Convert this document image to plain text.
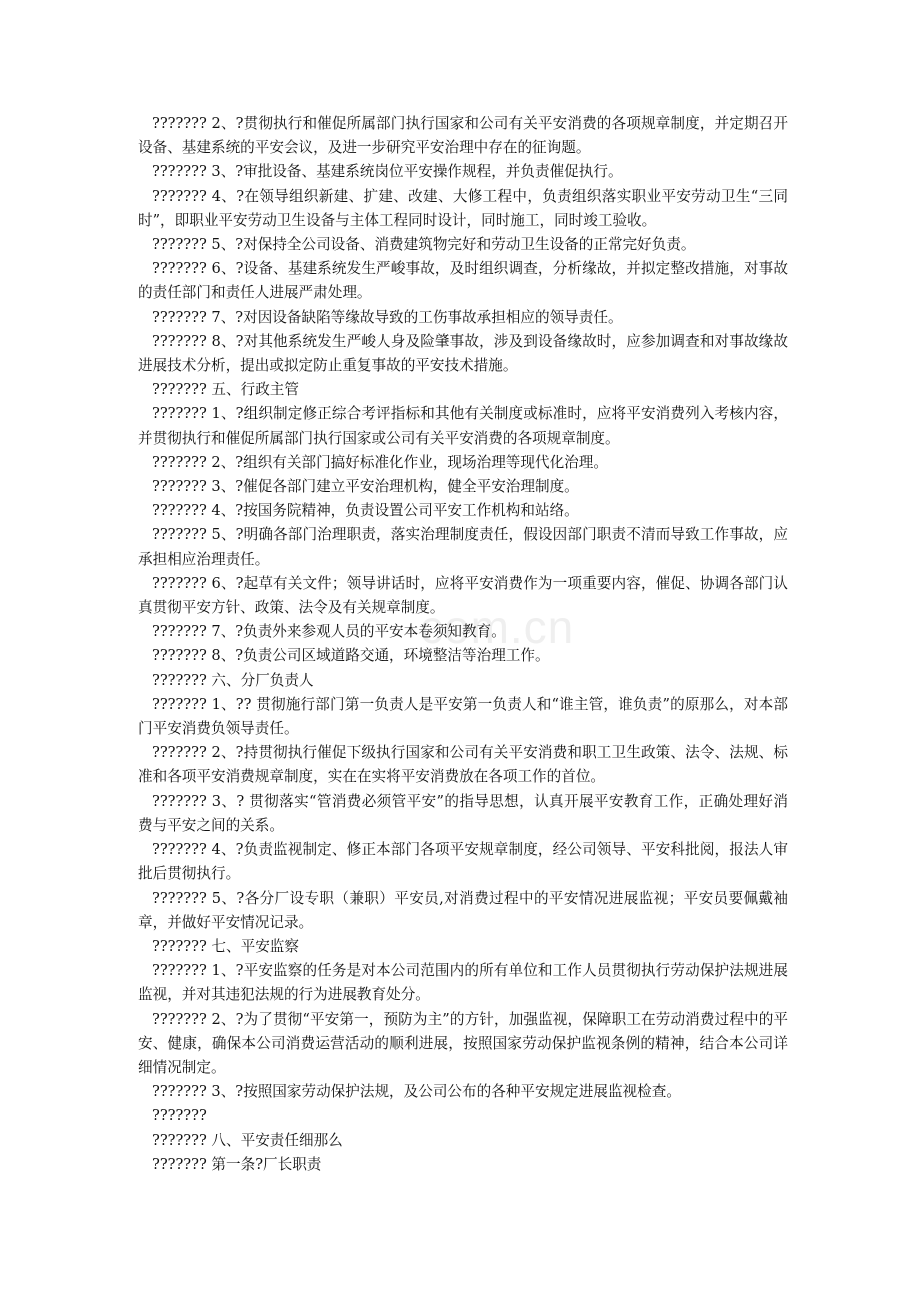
com.cn

??????? 2、?贯彻执行和催促所属部门执行国家和公司有关平安消费的各项规章制度，并定期召开设备、基建系统的平安会议，及进一步研究平安治理中存在的征询题。

??????? 3、?审批设备、基建系统岗位平安操作规程，并负责催促执行。

??????? 4、?在领导组织新建、扩建、改建、大修工程中，负责组织落实职业平安劳动卫生“三同时”，即职业平安劳动卫生设备与主体工程同时设计，同时施工，同时竣工验收。

??????? 5、?对保持全公司设备、消费建筑物完好和劳动卫生设备的正常完好负责。

??????? 6、?设备、基建系统发生严峻事故，及时组织调查，分析缘故，并拟定整改措施，对事故的责任部门和责任人进展严肃处理。

??????? 7、?对因设备缺陷等缘故导致的工伤事故承担相应的领导责任。

??????? 8、?对其他系统发生严峻人身及险肇事故，涉及到设备缘故时，应参加调查和对事故缘故进展技术分析，提出或拟定防止重复事故的平安技术措施。

??????? 五、行政主管

??????? 1、?组织制定修正综合考评指标和其他有关制度或标准时，应将平安消费列入考核内容，并贯彻执行和催促所属部门执行国家或公司有关平安消费的各项规章制度。

??????? 2、?组织有关部门搞好标准化作业，现场治理等现代化治理。

??????? 3、?催促各部门建立平安治理机构，健全平安治理制度。

??????? 4、?按国务院精神，负责设置公司平安工作机构和站络。

??????? 5、?明确各部门治理职责，落实治理制度责任，假设因部门职责不清而导致工作事故，应承担相应治理责任。

??????? 6、?起草有关文件；领导讲话时，应将平安消费作为一项重要内容，催促、协调各部门认真贯彻平安方针、政策、法令及有关规章制度。

??????? 7、?负责外来参观人员的平安本卷须知教育。

??????? 8、?负责公司区域道路交通，环境整洁等治理工作。

??????? 六、分厂负责人

??????? 1、?? 贯彻施行部门第一负责人是平安第一负责人和“谁主管，谁负责”的原那么，对本部门平安消费负领导责任。

??????? 2、?持贯彻执行催促下级执行国家和公司有关平安消费和职工卫生政策、法令、法规、标准和各项平安消费规章制度，实在在实将平安消费放在各项工作的首位。

??????? 3、? 贯彻落实“管消费必须管平安”的指导思想，认真开展平安教育工作，正确处理好消费与平安之间的关系。

??????? 4、?负责监视制定、修正本部门各项平安规章制度，经公司领导、平安科批阅，报法人审批后贯彻执行。

??????? 5、?各分厂设专职（兼职）平安员,对消费过程中的平安情况进展监视；平安员要佩戴袖章，并做好平安情况记录。

??????? 七、平安监察

??????? 1、?平安监察的任务是对本公司范围内的所有单位和工作人员贯彻执行劳动保护法规进展监视，并对其违犯法规的行为进展教育处分。

??????? 2、?为了贯彻“平安第一，预防为主”的方针，加强监视，保障职工在劳动消费过程中的平安、健康，确保本公司消费运营活动的顺利进展，按照国家劳动保护监视条例的精神，结合本公司详细情况制定。

??????? 3、?按照国家劳动保护法规，及公司公布的各种平安规定进展监视检查。

???????

??????? 八、平安责任细那么

??????? 第一条?厂长职责
